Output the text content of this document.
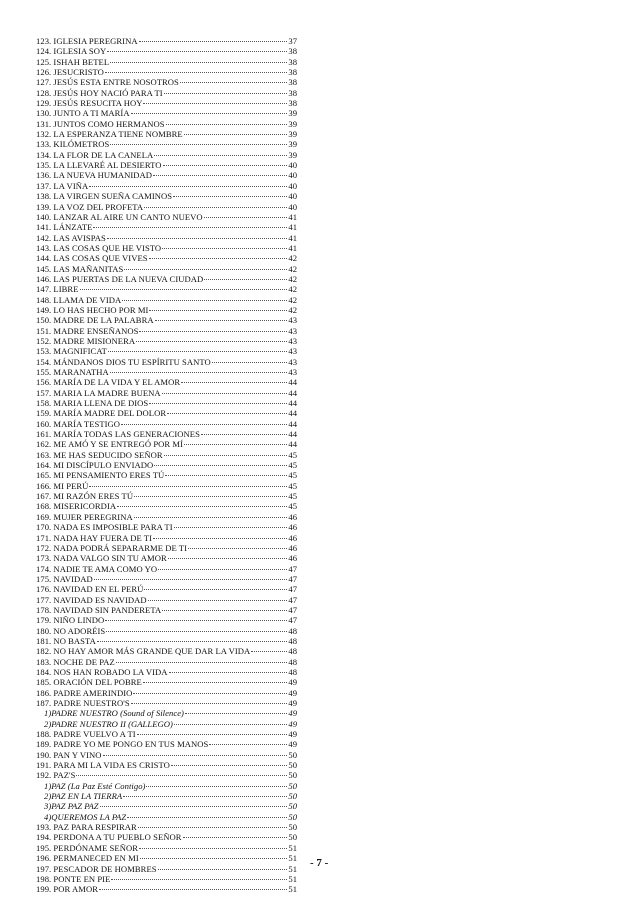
123. IGLESIA PEREGRINA	37
124. IGLESIA SOY	38
125. ISHAH BETEL	38
126. JESUCRISTO	38
127. JESÚS ESTA ENTRE NOSOTROS	38
128. JESÚS HOY NACIÓ PARA TI	38
129. JESÚS RESUCITA HOY	38
130. JUNTO A TI MARÍA	39
131. JUNTOS COMO HERMANOS	39
132. LA ESPERANZA TIENE NOMBRE	39
133. KILÓMETROS	39
134. LA FLOR DE LA CANELA	39
135. LA LLEVARÉ AL DESIERTO	40
136. LA NUEVA HUMANIDAD	40
137. LA VIÑA	40
138. LA VIRGEN SUEÑA CAMINOS	40
139. LA VOZ DEL PROFETA	40
140. LANZAR AL AIRE UN CANTO NUEVO	41
141. LÁNZATE	41
142. LAS AVISPAS	41
143. LAS COSAS QUE HE VISTO	41
144. LAS COSAS QUE VIVES	42
145. LAS MAÑANITAS	42
146. LAS PUERTAS DE LA NUEVA CIUDAD	42
147. LIBRE	42
148. LLAMA DE VIDA	42
149. LO HAS HECHO POR MI	42
150. MADRE DE LA PALABRA	43
151. MADRE ENSEÑANOS	43
152. MADRE MISIONERA	43
153. MAGNIFICAT	43
154. MÁNDANOS DIOS TU ESPÍRITU SANTO	43
155. MARANATHA	43
156. MARÍA DE LA VIDA Y EL AMOR	44
157. MARIA LA MADRE BUENA	44
158. MARIA LLENA DE DIOS	44
159. MARÍA MADRE DEL DOLOR	44
160. MARÍA TESTIGO	44
161. MARÍA TODAS LAS GENERACIONES	44
162. ME AMÓ Y SE ENTREGÓ POR MÍ	44
163. ME HAS SEDUCIDO SEÑOR	45
164. MI DISCÍPULO ENVIADO	45
165. MI PENSAMIENTO ERES TÚ	45
166. MI PERÚ	45
167. MI RAZÓN ERES TÚ	45
168. MISERICORDIA	45
169. MUJER PEREGRINA	46
170. NADA ES IMPOSIBLE PARA TI	46
171. NADA HAY FUERA DE TI	46
172. NADA PODRÁ SEPARARME DE TI	46
173. NADA VALGO SIN TU AMOR	46
174. NADIE TE AMA COMO YO	47
175. NAVIDAD	47
176. NAVIDAD EN EL PERÚ	47
177. NAVIDAD ES NAVIDAD	47
178. NAVIDAD SIN PANDERETA	47
179. NIÑO LINDO	47
180. NO ADORÉIS	48
181. NO BASTA	48
182. NO HAY AMOR MÁS GRANDE QUE DAR LA VIDA	48
183. NOCHE DE PAZ	48
184. NOS HAN ROBADO LA VIDA	48
185. ORACIÓN DEL POBRE	49
186. PADRE AMERINDIO	49
187. PADRE NUESTRO'S	49
1)PADRE NUESTRO (Sound of Silence)	49
2)PADRE NUESTRO II (GALLEGO)	49
188. PADRE VUELVO A TI	49
189. PADRE YO ME PONGO EN TUS MANOS	49
190. PAN Y VINO	50
191. PARA MI LA VIDA ES CRISTO	50
192. PAZ'S	50
1)PAZ (La Paz Esté Contigo)	50
2)PAZ EN LA TIERRA	50
3)PAZ PAZ PAZ	50
4)QUEREMOS LA PAZ	50
193. PAZ PARA RESPIRAR	50
194. PERDONA A TU PUEBLO SEÑOR	50
195. PERDÓNAME SEÑOR	51
196. PERMANECED EN MI	51
197. PESCADOR DE HOMBRES	51
198. PONTE EN PIE	51
199. POR AMOR	51
- 7 -
